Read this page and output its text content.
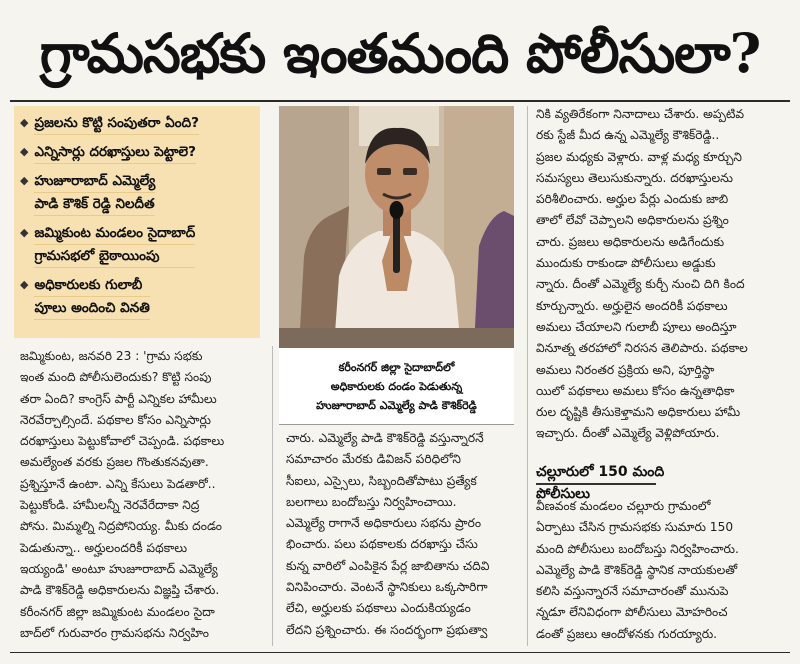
గ్రామసభకు ఇంతమంది పోలీసులా?
◆ ప్రజలను కొట్టి సంపుతరా ఏంది?
◆ ఎన్నిసార్లు దరఖాస్తులు పెట్టాలె?
◆ హుజూరాబాద్ ఎమ్మెల్యే
పాడి కౌశిక్ రెడ్డి నిలదీత
◆ జమ్మికుంట మండలం సైదాబాద్
గ్రామసభలో బైఠాయింపు
◆ అధికారులకు గులాబీ
పూలు అందించి వినతి
కరీంనగర్ జిల్లా సైదాబాద్‌లో
అధికారులకు దండం పెడుతున్న
హుజూరాబాద్ ఎమ్మెల్యే పాడి కౌశిక్‌రెడ్డి

జమ్మికుంట, జనవరి 23 : 'గ్రామ సభకు

ఇంత మంది పోలీసులెందుకు? కొట్టి సంపు

తరా ఏంది? కాంగ్రెస్ పార్టీ ఎన్నికల హామీలు

నెరవేర్చాల్సిందే. పథకాల కోసం ఎన్నిసార్లు

దరఖాస్తులు పెట్టుకోవాలో చెప్పండి. పథకాలు

అమల్యేంత వరకు ప్రజల గొంతుకనవుతా.

ప్రశ్నిస్తూనే ఉంటా. ఎన్ని కేసులు పెడతారో..

పెట్టుకోండి. హామీలన్నీ నెరవేరేదాకా నిద్ర

పోను. మిమ్మల్ని నిద్రపోనియ్య. మీకు దండం

పెడుతున్నా.. అర్హులందరికీ పథకాలు

ఇయ్యండి' అంటూ హుజూరాబాద్ ఎమ్మెల్యే

పాడి కౌశిక్‌రెడ్డి అధికారులను విజ్ఞప్తి చేశారు.

కరీంనగర్ జిల్లా జమ్మికుంట మండలం సైదా

బాద్‌లో గురువారం గ్రామసభను నిర్వహిం

చారు. ఎమ్మెల్యే పాడి కౌశిక్‌రెడ్డి వస్తున్నారనే

సమాచారం మేరకు డివిజన్ పరిధిలోని

సీఐలు, ఎస్సైలు, సిబ్బందితోపాటు ప్రత్యేక

బలగాలు బందోబస్తు నిర్వహించాయి.

ఎమ్మెల్యే రాగానే అధికారులు సభను ప్రారం

భించారు. పలు పథకాలకు దరఖాస్తు చేసు

కున్న వారిలో ఎంపికైన పేర్ల జాబితాను చదివి

వినిపించారు. వెంటనే స్థానికులు ఒక్కసారిగా

లేచి, అర్హులకు పథకాలు ఎందుకియ్యడం

లేదని ప్రశ్నించారు. ఈ సందర్భంగా ప్రభుత్వా

నికి వ్యతిరేకంగా నినాదాలు చేశారు. అప్పటివ

రకు స్టేజీ మీద ఉన్న ఎమ్మెల్యే కౌశిక్‌రెడ్డి..

ప్రజల మధ్యకు వెళ్లారు. వాళ్ల మధ్య కూర్చుని

సమస్యలు తెలుసుకున్నారు. దరఖాస్తులను

పరిశీలించారు. అర్హుల పేర్లు ఎందుకు జాబి

తాలో లేవో చెప్పాలని అధికారులను ప్రశ్నిం

చారు. ప్రజలు అధికారులను అడిగేందుకు

ముందుకు రాకుండా పోలీసులు అడ్డుకు

న్నారు. దీంతో ఎమ్మెల్యే కుర్చీ నుంచి దిగి కింద

కూర్చున్నారు. అర్హులైన అందరికీ పథకాలు

అమలు చేయాలని గులాబీ పూలు అందిస్తూ

వినూత్న తరహాలో నిరసన తెలిపారు. పథకాల

అమలు నిరంతర ప్రక్రియ అని, పూర్తిస్థా

యిలో పథకాలు అమలు కోసం ఉన్నతాధికా

రుల దృష్టికి తీసుకెళ్తామని అధికారులు హామీ

ఇచ్చారు. దీంతో ఎమ్మెల్యే వెళ్లిపోయారు.

చల్లూరులో 150 మంది పోలీసులు

వీణవంక మండలం చల్లూరు గ్రామంలో

ఏర్పాటు చేసిన గ్రామసభకు సుమారు 150

మంది పోలీసులు బందోబస్తు నిర్వహించారు.

ఎమ్మెల్యే పాడి కౌశిక్‌రెడ్డి స్థానిక నాయకులతో

కలిసి వస్తున్నారనే సమాచారంతో మునుపె

న్నడూ లేనివిధంగా పోలీసులు మోహరించ

డంతో ప్రజలు ఆందోళనకు గురయ్యారు.
